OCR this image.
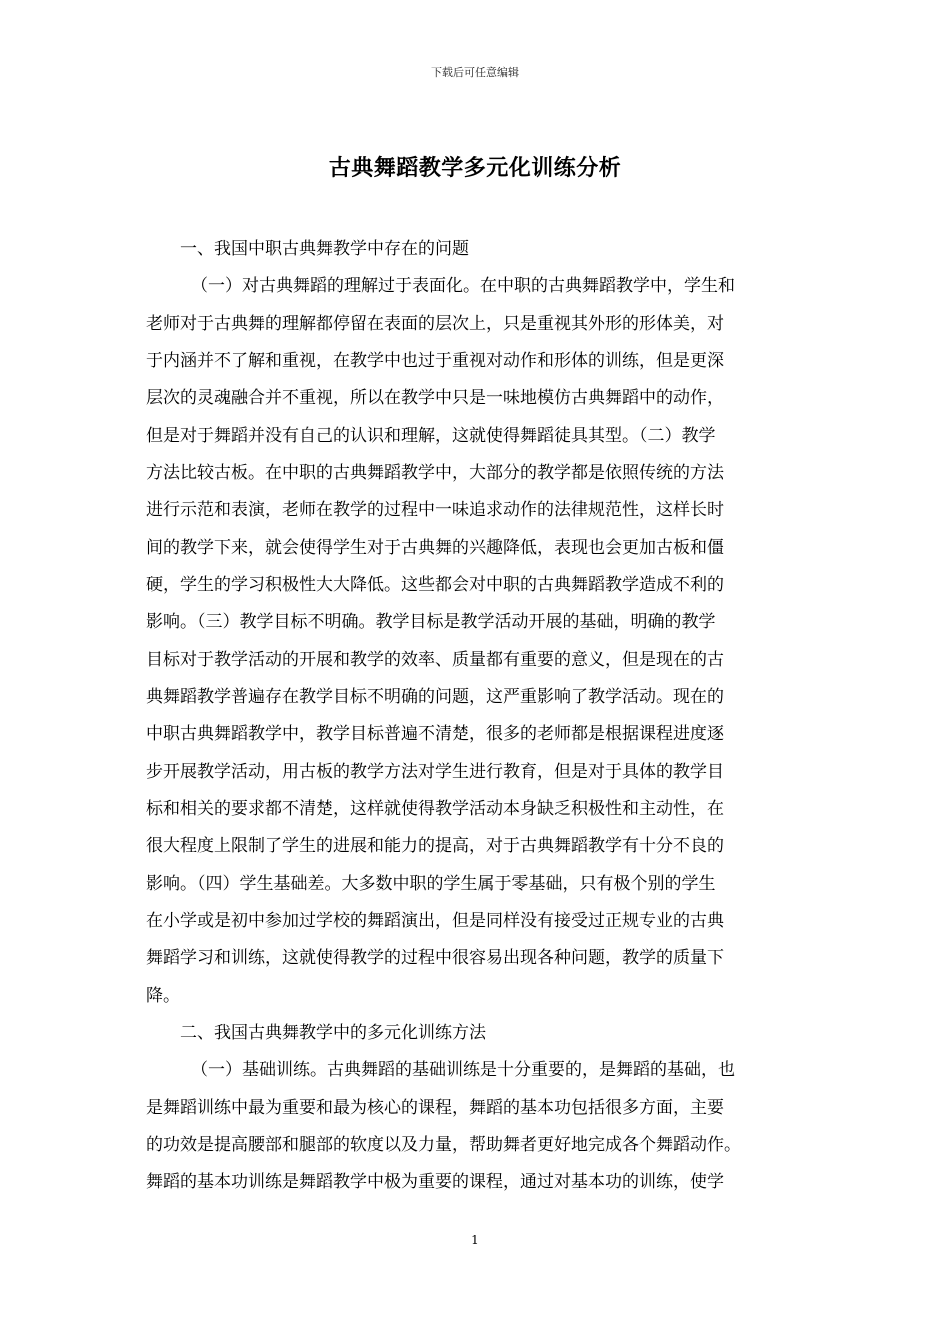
下载后可任意编辑
古典舞蹈教学多元化训练分析
一、我国中职古典舞教学中存在的问题
（一）对古典舞蹈的理解过于表面化。在中职的古典舞蹈教学中，学生和
老师对于古典舞的理解都停留在表面的层次上，只是重视其外形的形体美，对
于内涵并不了解和重视，在教学中也过于重视对动作和形体的训练，但是更深
层次的灵魂融合并不重视，所以在教学中只是一味地模仿古典舞蹈中的动作，
但是对于舞蹈并没有自己的认识和理解，这就使得舞蹈徒具其型。（二）教学
方法比较古板。在中职的古典舞蹈教学中，大部分的教学都是依照传统的方法
进行示范和表演，老师在教学的过程中一味追求动作的法律规范性，这样长时
间的教学下来，就会使得学生对于古典舞的兴趣降低，表现也会更加古板和僵
硬，学生的学习积极性大大降低。这些都会对中职的古典舞蹈教学造成不利的
影响。（三）教学目标不明确。教学目标是教学活动开展的基础，明确的教学
目标对于教学活动的开展和教学的效率、质量都有重要的意义，但是现在的古
典舞蹈教学普遍存在教学目标不明确的问题，这严重影响了教学活动。现在的
中职古典舞蹈教学中，教学目标普遍不清楚，很多的老师都是根据课程进度逐
步开展教学活动，用古板的教学方法对学生进行教育，但是对于具体的教学目
标和相关的要求都不清楚，这样就使得教学活动本身缺乏积极性和主动性，在
很大程度上限制了学生的进展和能力的提高，对于古典舞蹈教学有十分不良的
影响。（四）学生基础差。大多数中职的学生属于零基础，只有极个别的学生
在小学或是初中参加过学校的舞蹈演出，但是同样没有接受过正规专业的古典
舞蹈学习和训练，这就使得教学的过程中很容易出现各种问题，教学的质量下
降。
二、我国古典舞教学中的多元化训练方法
（一）基础训练。古典舞蹈的基础训练是十分重要的，是舞蹈的基础，也
是舞蹈训练中最为重要和最为核心的课程，舞蹈的基本功包括很多方面，主要
的功效是提高腰部和腿部的软度以及力量，帮助舞者更好地完成各个舞蹈动作。
舞蹈的基本功训练是舞蹈教学中极为重要的课程，通过对基本功的训练，使学
1
